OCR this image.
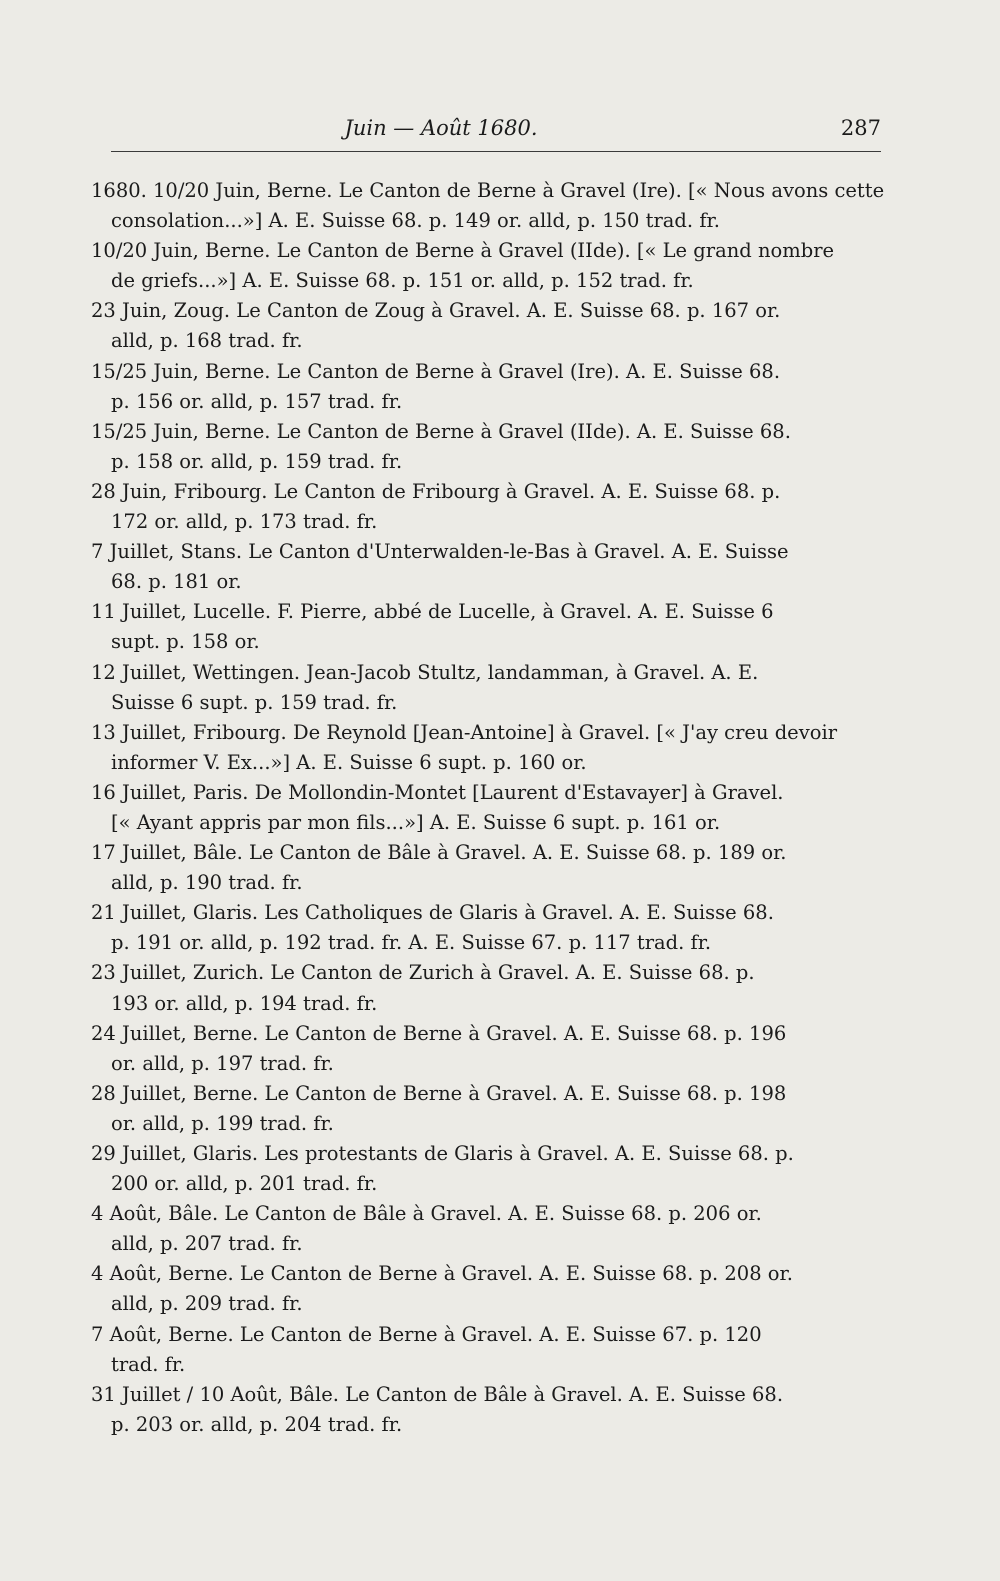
Juin — Août 1680.	287
1680. 10/20 Juin, Berne. Le Canton de Berne à Gravel (Ire). [« Nous avons cette
consolation...»] A. E. Suisse 68. p. 149 or. alld, p. 150 trad. fr.
10/20 Juin, Berne. Le Canton de Berne à Gravel (IIde). [« Le grand nombre
de griefs...»] A. E. Suisse 68. p. 151 or. alld, p. 152 trad. fr.
23 Juin, Zoug. Le Canton de Zoug à Gravel. A. E. Suisse 68. p. 167 or.
alld, p. 168 trad. fr.
15/25 Juin, Berne. Le Canton de Berne à Gravel (Ire). A. E. Suisse 68.
p. 156 or. alld, p. 157 trad. fr.
15/25 Juin, Berne. Le Canton de Berne à Gravel (IIde). A. E. Suisse 68.
p. 158 or. alld, p. 159 trad. fr.
28 Juin, Fribourg. Le Canton de Fribourg à Gravel. A. E. Suisse 68. p.
172 or. alld, p. 173 trad. fr.
7 Juillet, Stans. Le Canton d'Unterwalden-le-Bas à Gravel. A. E. Suisse
68. p. 181 or.
11 Juillet, Lucelle. F. Pierre, abbé de Lucelle, à Gravel. A. E. Suisse 6
supt. p. 158 or.
12 Juillet, Wettingen. Jean-Jacob Stultz, landamman, à Gravel. A. E.
Suisse 6 supt. p. 159 trad. fr.
13 Juillet, Fribourg. De Reynold [Jean-Antoine] à Gravel. [« J'ay creu devoir
informer V. Ex...»] A. E. Suisse 6 supt. p. 160 or.
16 Juillet, Paris. De Mollondin-Montet [Laurent d'Estavayer] à Gravel.
[« Ayant appris par mon fils...»] A. E. Suisse 6 supt. p. 161 or.
17 Juillet, Bâle. Le Canton de Bâle à Gravel. A. E. Suisse 68. p. 189 or.
alld, p. 190 trad. fr.
21 Juillet, Glaris. Les Catholiques de Glaris à Gravel. A. E. Suisse 68.
p. 191 or. alld, p. 192 trad. fr. A. E. Suisse 67. p. 117 trad. fr.
23 Juillet, Zurich. Le Canton de Zurich à Gravel. A. E. Suisse 68. p.
193 or. alld, p. 194 trad. fr.
24 Juillet, Berne. Le Canton de Berne à Gravel. A. E. Suisse 68. p. 196
or. alld, p. 197 trad. fr.
28 Juillet, Berne. Le Canton de Berne à Gravel. A. E. Suisse 68. p. 198
or. alld, p. 199 trad. fr.
29 Juillet, Glaris. Les protestants de Glaris à Gravel. A. E. Suisse 68. p.
200 or. alld, p. 201 trad. fr.
4 Août, Bâle. Le Canton de Bâle à Gravel. A. E. Suisse 68. p. 206 or.
alld, p. 207 trad. fr.
4 Août, Berne. Le Canton de Berne à Gravel. A. E. Suisse 68. p. 208 or.
alld, p. 209 trad. fr.
7 Août, Berne. Le Canton de Berne à Gravel. A. E. Suisse 67. p. 120
trad. fr.
31 Juillet / 10 Août, Bâle. Le Canton de Bâle à Gravel. A. E. Suisse 68.
p. 203 or. alld, p. 204 trad. fr.
